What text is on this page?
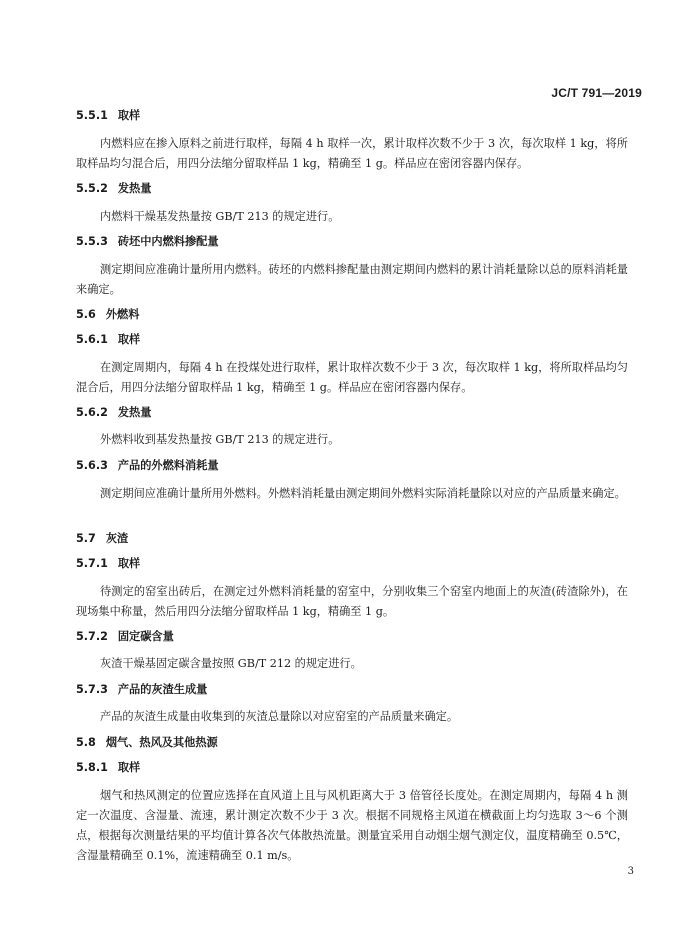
JC/T 791—2019
5.5.1 取样
内燃料应在掺入原料之前进行取样，每隔 4 h 取样一次，累计取样次数不少于 3 次，每次取样 1 kg，将所取样品均匀混合后，用四分法缩分留取样品 1 kg，精确至 1 g。样品应在密闭容器内保存。
5.5.2 发热量
内燃料干燥基发热量按 GB/T 213 的规定进行。
5.5.3 砖坯中内燃料掺配量
测定期间应准确计量所用内燃料。砖坯的内燃料掺配量由测定期间内燃料的累计消耗量除以总的原料消耗量来确定。
5.6 外燃料
5.6.1 取样
在测定周期内，每隔 4 h 在投煤处进行取样，累计取样次数不少于 3 次，每次取样 1 kg，将所取样品均匀混合后，用四分法缩分留取样品 1 kg，精确至 1 g。样品应在密闭容器内保存。
5.6.2 发热量
外燃料收到基发热量按 GB/T 213 的规定进行。
5.6.3 产品的外燃料消耗量
测定期间应准确计量所用外燃料。外燃料消耗量由测定期间外燃料实际消耗量除以对应的产品质量来确定。
5.7 灰渣
5.7.1 取样
待测定的窑室出砖后，在测定过外燃料消耗量的窑室中，分别收集三个窑室内地面上的灰渣(砖渣除外)，在现场集中称量，然后用四分法缩分留取样品 1 kg，精确至 1 g。
5.7.2 固定碳含量
灰渣干燥基固定碳含量按照 GB/T 212 的规定进行。
5.7.3 产品的灰渣生成量
产品的灰渣生成量由收集到的灰渣总量除以对应窑室的产品质量来确定。
5.8 烟气、热风及其他热源
5.8.1 取样
烟气和热风测定的位置应选择在直风道上且与风机距离大于 3 倍管径长度处。在测定周期内，每隔 4 h 测定一次温度、含湿量、流速，累计测定次数不少于 3 次。根据不同规格主风道在横截面上均匀选取 3～6 个测点，根据每次测量结果的平均值计算各次气体散热流量。测量宜采用自动烟尘烟气测定仪，温度精确至 0.5℃，含湿量精确至 0.1%，流速精确至 0.1 m/s。
3
